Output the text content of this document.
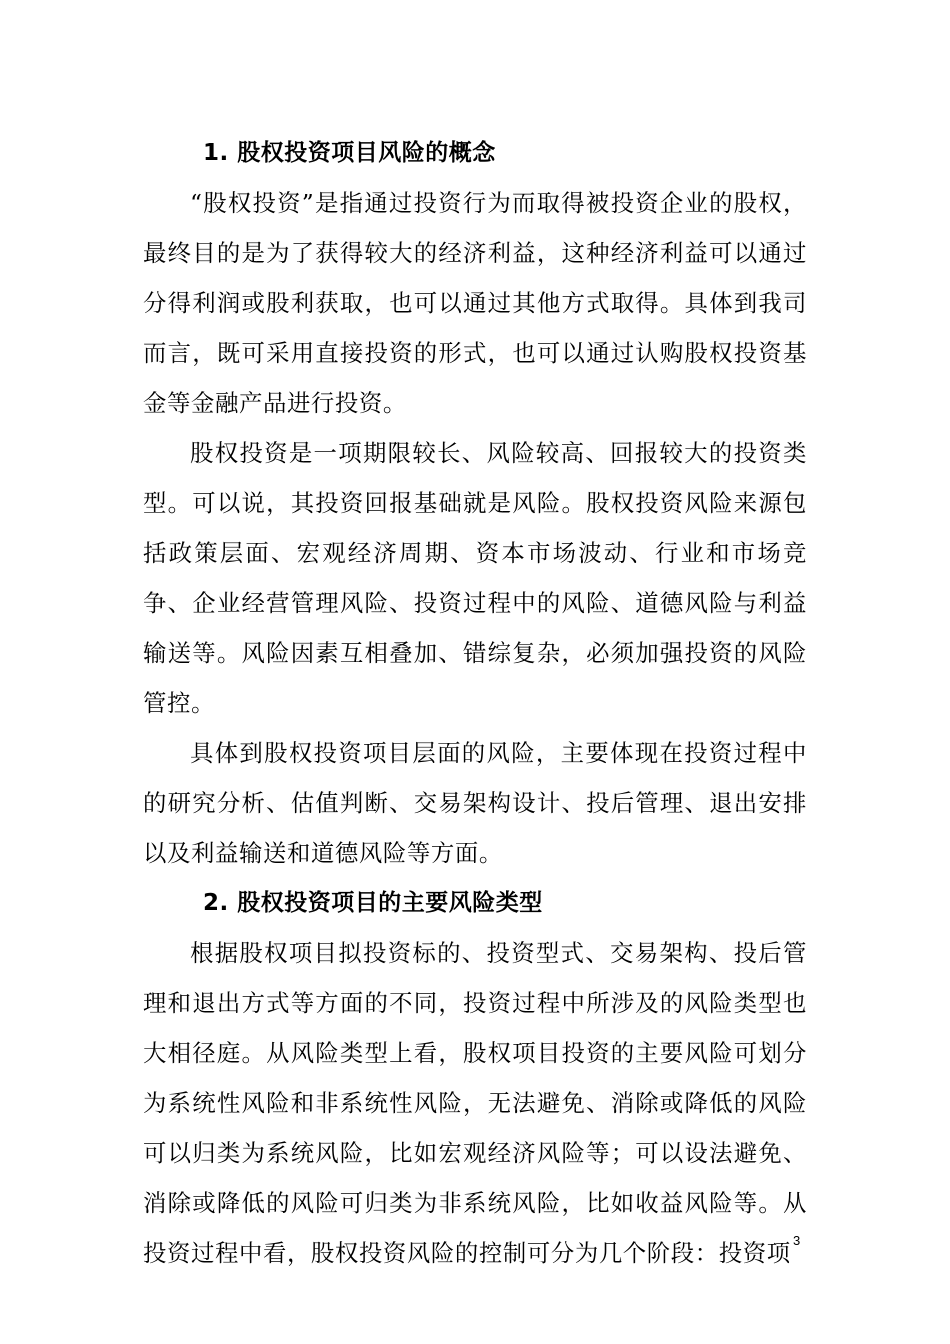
1. 股权投资项目风险的概念

“股权投资”是指通过投资行为而取得被投资企业的股权，最终目的是为了获得较大的经济利益，这种经济利益可以通过分得利润或股利获取，也可以通过其他方式取得。具体到我司而言，既可采用直接投资的形式，也可以通过认购股权投资基金等金融产品进行投资。

股权投资是一项期限较长、风险较高、回报较大的投资类型。可以说，其投资回报基础就是风险。股权投资风险来源包括政策层面、宏观经济周期、资本市场波动、行业和市场竞争、企业经营管理风险、投资过程中的风险、道德风险与利益输送等。风险因素互相叠加、错综复杂，必须加强投资的风险管控。

具体到股权投资项目层面的风险，主要体现在投资过程中的研究分析、估值判断、交易架构设计、投后管理、退出安排以及利益输送和道德风险等方面。

2. 股权投资项目的主要风险类型

根据股权项目拟投资标的、投资型式、交易架构、投后管理和退出方式等方面的不同，投资过程中所涉及的风险类型也大相径庭。从风险类型上看，股权项目投资的主要风险可划分为系统性风险和非系统性风险，无法避免、消除或降低的风险可以归类为系统风险，比如宏观经济风险等；可以设法避免、消除或降低的风险可归类为非系统风险，比如收益风险等。从投资过程中看，股权投资风险的控制可分为几个阶段：投资项 3
